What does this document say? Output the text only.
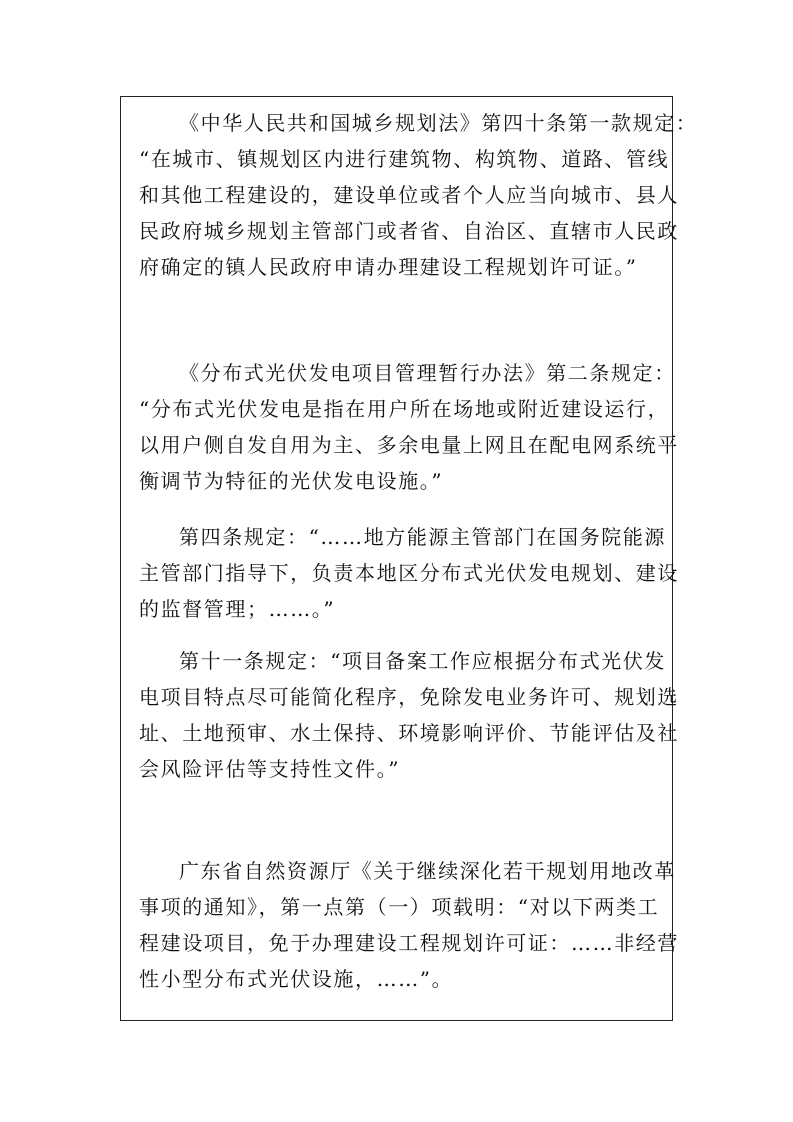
《中华人民共和国城乡规划法》第四十条第一款规定：
“在城市、镇规划区内进行建筑物、构筑物、道路、管线
和其他工程建设的，建设单位或者个人应当向城市、县人
民政府城乡规划主管部门或者省、自治区、直辖市人民政
府确定的镇人民政府申请办理建设工程规划许可证。”
《分布式光伏发电项目管理暂行办法》第二条规定：
“分布式光伏发电是指在用户所在场地或附近建设运行，
以用户侧自发自用为主、多余电量上网且在配电网系统平
衡调节为特征的光伏发电设施。”
第四条规定：“……地方能源主管部门在国务院能源
主管部门指导下，负责本地区分布式光伏发电规划、建设
的监督管理；……。”
第十一条规定：“项目备案工作应根据分布式光伏发
电项目特点尽可能简化程序，免除发电业务许可、规划选
址、土地预审、水土保持、环境影响评价、节能评估及社
会风险评估等支持性文件。”
广东省自然资源厅《关于继续深化若干规划用地改革
事项的通知》，第一点第（一）项载明：“对以下两类工
程建设项目，免于办理建设工程规划许可证：……非经营
性小型分布式光伏设施，……”。
